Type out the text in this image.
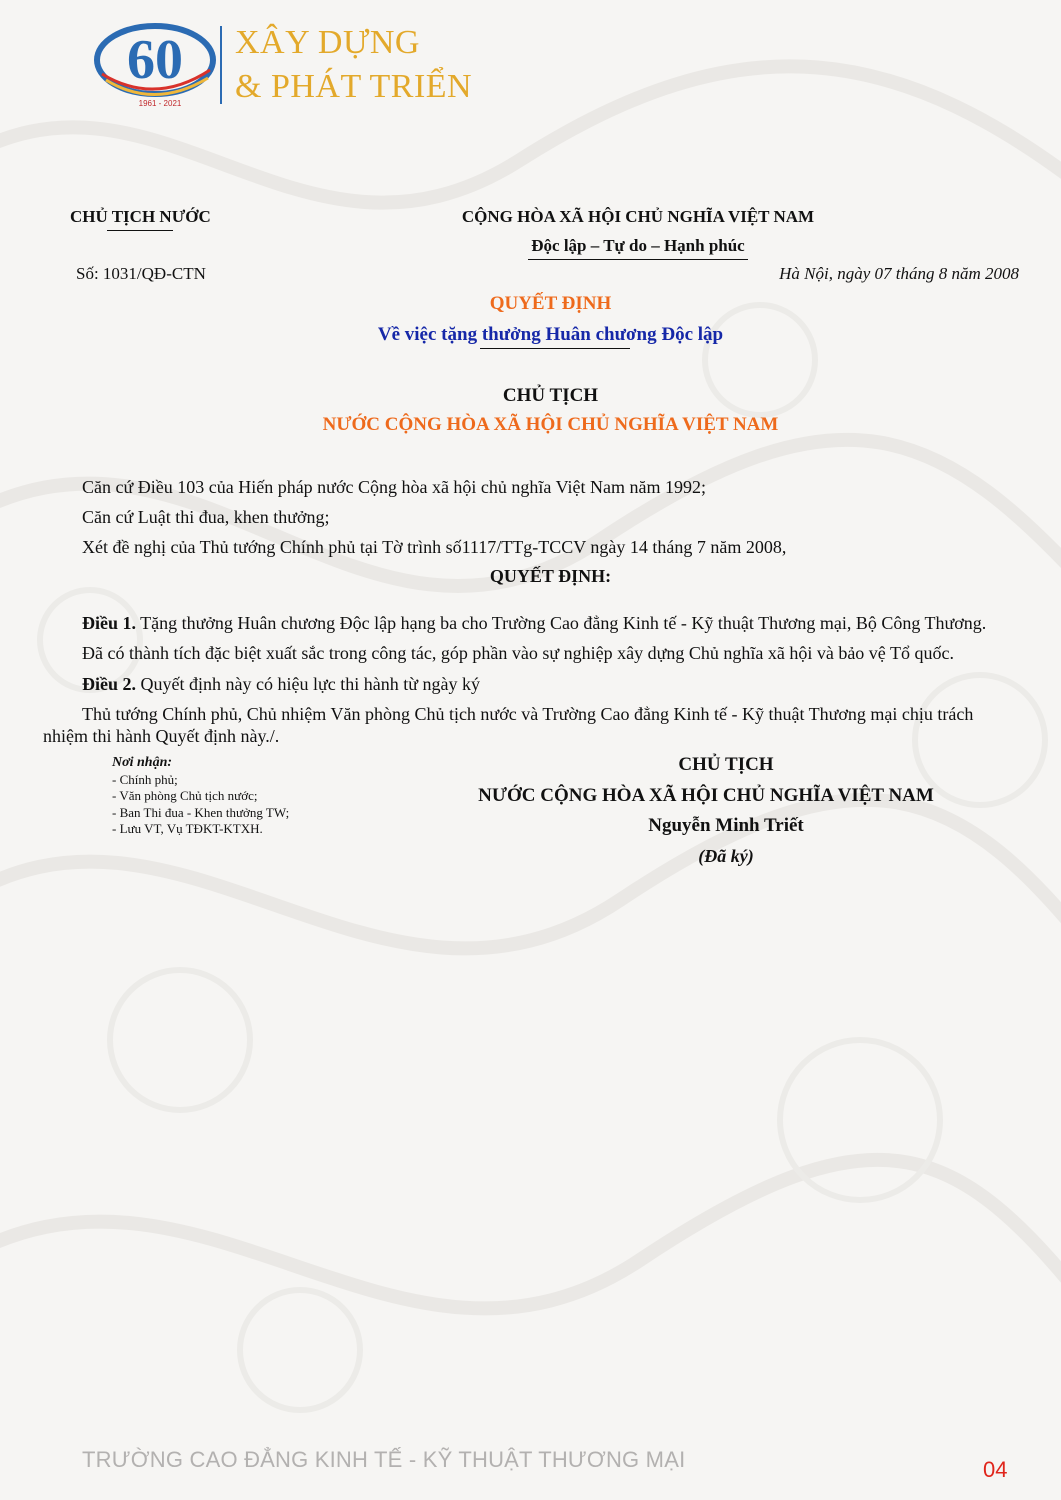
60
1961 - 2021
XÂY DỰNG
& PHÁT TRIỂN
CHỦ TỊCH NƯỚC	CỘNG HÒA XÃ HỘI CHỦ NGHĨA VIỆT NAM
Độc lập – Tự do – Hạnh phúc
Số: 1031/QĐ-CTN	Hà Nội, ngày 07 tháng 8 năm 2008
QUYẾT ĐỊNH
Về việc tặng thưởng Huân chương Độc lập
CHỦ TỊCH
NƯỚC CỘNG HÒA XÃ HỘI CHỦ NGHĨA VIỆT NAM
Căn cứ Điều 103 của Hiến pháp nước Cộng hòa xã hội chủ nghĩa Việt Nam năm 1992;
Căn cứ Luật thi đua, khen thưởng;
Xét đề nghị của Thủ tướng Chính phủ tại Tờ trình số1117/TTg-TCCV ngày 14 tháng 7 năm 2008,
QUYẾT ĐỊNH:
Điều 1. Tặng thưởng Huân chương Độc lập hạng ba cho Trường Cao đẳng Kinh tế - Kỹ thuật Thương mại, Bộ Công Thương.
Đã có thành tích đặc biệt xuất sắc trong công tác, góp phần vào sự nghiệp xây dựng Chủ nghĩa xã hội và bảo vệ Tổ quốc.
Điều 2. Quyết định này có hiệu lực thi hành từ ngày ký
Thủ tướng Chính phủ, Chủ nhiệm Văn phòng Chủ tịch nước và Trường Cao đẳng Kinh tế - Kỹ thuật Thương mại chịu trách
nhiệm thi hành Quyết định này./.
Nơi nhận:
- Chính phủ;
- Văn phòng Chủ tịch nước;
- Ban Thi đua - Khen thưởng TW;
- Lưu VT, Vụ TĐKT-KTXH.
CHỦ TỊCH
NƯỚC CỘNG HÒA XÃ HỘI CHỦ NGHĨA VIỆT NAM
Nguyễn Minh Triết
(Đã ký)
TRƯỜNG CAO ĐẲNG KINH TẾ - KỸ THUẬT THƯƠNG MẠI	04
